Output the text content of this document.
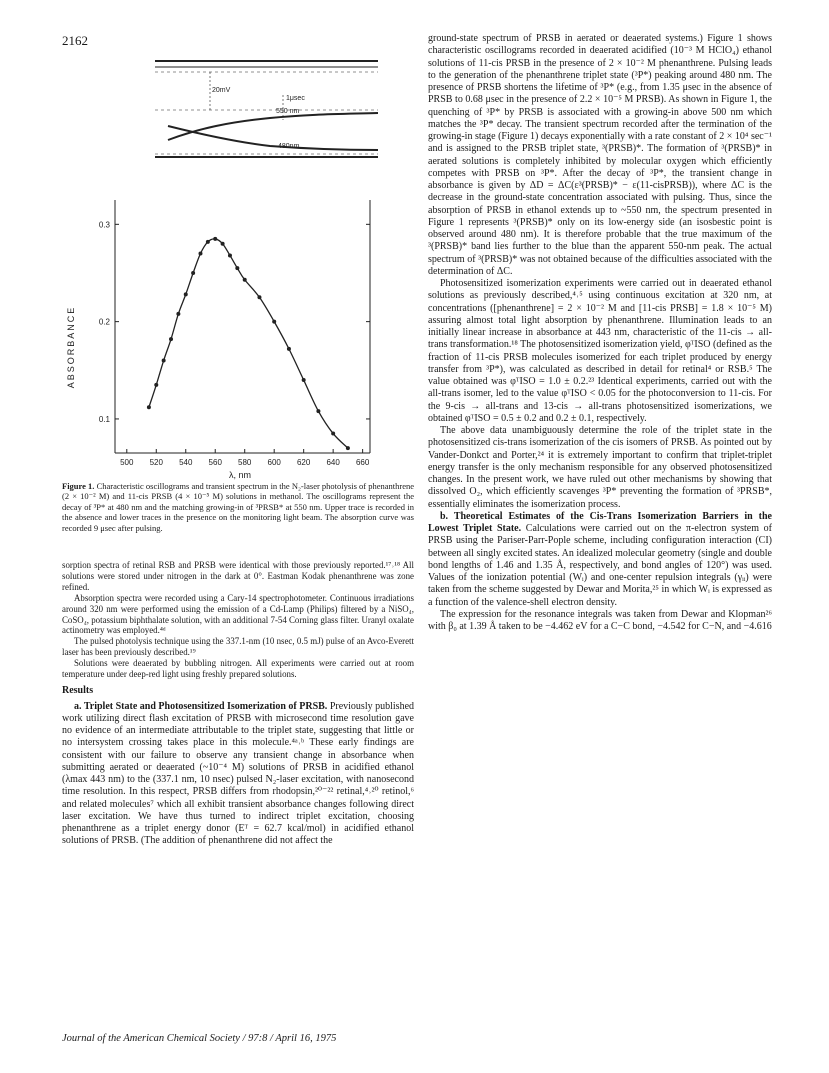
2162
20mV
1μsec
550 nm
480nm
500 520 540 560 580 600 620 640 660
0.1
0.2
0.3
λ, nm
ABSORBANCE
Figure 1. Characteristic oscillograms and transient spectrum in the N₂-laser photolysis of phenanthrene (2 × 10⁻² M) and 11-cis PRSB (4 × 10⁻⁵ M) solutions in methanol. The oscillograms represent the decay of ³P* at 480 nm and the matching growing-in of ³PRSB* at 550 nm. Upper trace is recorded in the absence and lower traces in the presence on the monitoring light beam. The absorption curve was recorded 9 μsec after pulsing.

sorption spectra of retinal RSB and PRSB were identical with those previously reported.¹⁷˒¹⁸ All solutions were stored under nitrogen in the dark at 0°. Eastman Kodak phenanthrene was zone refined.

Absorption spectra were recorded using a Cary-14 spectrophotometer. Continuous irradiations around 320 nm were performed using the emission of a Cd-Lamp (Philips) filtered by a NiSO₄, CoSO₄, potassium biphthalate solution, with an additional 7-54 Corning glass filter. Uranyl oxalate actinometry was employed.⁴ᵈ

The pulsed photolysis technique using the 337.1-nm (10 nsec, 0.5 mJ) pulse of an Avco-Everett laser has been previously described.¹⁹

Solutions were deaerated by bubbling nitrogen. All experiments were carried out at room temperature under deep-red light using freshly prepared solutions.

Results

a. Triplet State and Photosensitized Isomerization of PRSB. Previously published work utilizing direct flash excitation of PRSB with microsecond time resolution gave no evidence of an intermediate attributable to the triplet state, suggesting that little or no intersystem crossing takes place in this molecule.⁴ᵃ˒ᵇ These early findings are consistent with our failure to observe any transient change in absorbance when submitting aerated or deaerated (~10⁻⁴ M) solutions of PRSB in acidified ethanol (λmax 443 nm) to the (337.1 nm, 10 nsec) pulsed N₂-laser excitation, with nanosecond time resolution. In this respect, PRSB differs from rhodopsin,²⁰⁻²² retinal,⁴˒²⁰ retinol,⁶ and related molecules⁷ which all exhibit transient absorbance changes following direct laser excitation. We have thus turned to indirect triplet excitation, choosing phenanthrene as a triplet energy donor (Eᵀ = 62.7 kcal/mol) in acidified ethanol solutions of PRSB. (The addition of phenanthrene did not affect the

ground-state spectrum of PRSB in aerated or deaerated systems.) Figure 1 shows characteristic oscillograms recorded in deaerated acidified (10⁻³ M HClO₄) ethanol solutions of 11-cis PRSB in the presence of 2 × 10⁻² M phenanthrene. Pulsing leads to the generation of the phenanthrene triplet state (³P*) peaking around 480 nm. The presence of PRSB shortens the lifetime of ³P* (e.g., from 1.35 μsec in the absence of PRSB to 0.68 μsec in the presence of 2.2 × 10⁻⁵ M PRSB). As shown in Figure 1, the quenching of ³P* by PRSB is associated with a growing-in above 500 nm which matches the ³P* decay. The transient spectrum recorded after the termination of the growing-in stage (Figure 1) decays exponentially with a rate constant of 2 × 10⁴ sec⁻¹ and is assigned to the PRSB triplet state, ³(PRSB)*. The formation of ³(PRSB)* in aerated solutions is completely inhibited by molecular oxygen which efficiently competes with PRSB on ³P*. After the decay of ³P*, the transient change in absorbance is given by ΔD = ΔC(ε³(PRSB)* − ε(11-cisPRSB)), where ΔC is the decrease in the ground-state concentration associated with pulsing. Thus, since the absorption of PRSB in ethanol extends up to ~550 nm, the spectrum presented in Figure 1 represents ³(PRSB)* only on its low-energy side (an isosbestic point is observed around 480 nm). It is therefore probable that the true maximum of the ³(PRSB)* band lies further to the blue than the apparent 550-nm peak. The actual spectrum of ³(PRSB)* was not obtained because of the difficulties associated with the determination of ΔC.

Photosensitized isomerization experiments were carried out in deaerated ethanol solutions as previously described,⁴˒⁵ using continuous excitation at 320 nm, at concentrations ([phenanthrene] = 2 × 10⁻² M and [11-cis PRSB] = 1.8 × 10⁻⁵ M) assuring almost total light absorption by phenanthrene. Illumination leads to an initially linear increase in absorbance at 443 nm, characteristic of the 11-cis → all-trans transformation.¹⁸ The photosensitized isomerization yield, φᵀISO (defined as the fraction of 11-cis PRSB molecules isomerized for each triplet produced by energy transfer from ³P*), was calculated as described in detail for retinal⁴ or RSB.⁵ The value obtained was φᵀISO = 1.0 ± 0.2.²³ Identical experiments, carried out with the all-trans isomer, led to the value φᵀISO < 0.05 for the photoconversion to 11-cis. For the 9-cis → all-trans and 13-cis → all-trans photosensitized isomerizations, we obtained φᵀISO = 0.5 ± 0.2 and 0.2 ± 0.1, respectively.

The above data unambiguously determine the role of the triplet state in the photosensitized cis-trans isomerization of the cis isomers of PRSB. As pointed out by Vander-Donkct and Porter,²⁴ it is extremely important to confirm that triplet-triplet energy transfer is the only mechanism responsible for any observed photosensitized changes. In the present work, we have ruled out other mechanisms by showing that dissolved O₂, which efficiently scavenges ³P* preventing the formation of ³PRSB*, essentially eliminates the isomerization process.

b. Theoretical Estimates of the Cis-Trans Isomerization Barriers in the Lowest Triplet State. Calculations were carried out on the π-electron system of PRSB using the Pariser-Parr-Pople scheme, including configuration interaction (CI) between all singly excited states. An idealized molecular geometry (single and double bond lengths of 1.46 and 1.35 Å, respectively, and bond angles of 120°) was used. Values of the ionization potential (Wᵢ) and one-center repulsion integrals (γᵢᵢ) were taken from the scheme suggested by Dewar and Morita,²⁵ in which Wᵢ is expressed as a function of the valence-shell electron density.

The expression for the resonance integrals was taken from Dewar and Klopman²⁶ with β₀ at 1.39 Å taken to be −4.462 eV for a C−C bond, −4.542 for C−N, and −4.616

Journal of the American Chemical Society / 97:8 / April 16, 1975
